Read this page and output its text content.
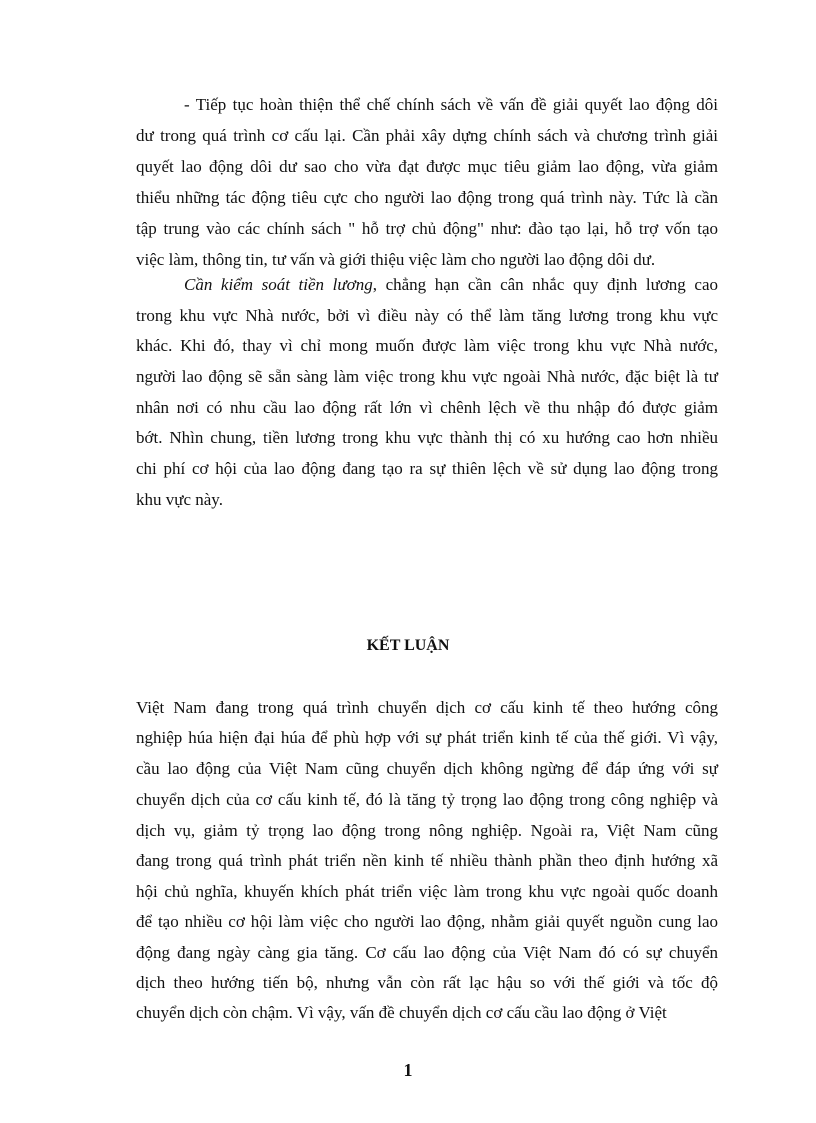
- Tiếp tục hoàn thiện thể chế chính sách về vấn đề giải quyết lao động dôi
dư trong quá trình cơ cấu lại. Cần phải xây dựng chính sách và chương trình giải
quyết lao động dôi dư sao cho vừa đạt được mục tiêu giảm lao động, vừa giảm
thiểu những tác động tiêu cực cho người lao động trong quá trình này. Tức là cần
tập trung vào các chính sách " hỗ trợ chủ động" như: đào tạo lại, hỗ trợ vốn tạo
việc làm, thông tin, tư vấn và giới thiệu việc làm cho người lao động dôi dư.
Cần kiểm soát tiền lương, chẳng hạn cần cân nhắc quy định lương cao
trong khu vực Nhà nước, bởi vì điều này có thể làm tăng lương trong khu vực
khác. Khi đó, thay vì chỉ mong muốn được làm việc trong khu vực Nhà nước,
người lao động sẽ sẵn sàng làm việc trong khu vực ngoài Nhà nước, đặc biệt là tư
nhân nơi có nhu cầu lao động rất lớn vì chênh lệch về thu nhập đó được giảm
bớt. Nhìn chung, tiền lương trong khu vực thành thị có xu hướng cao hơn nhiều
chi phí cơ hội của lao động đang tạo ra sự thiên lệch về sử dụng lao động trong
khu vực này.
KẾT LUẬN
Việt Nam đang trong quá trình chuyển dịch cơ cấu kinh tế theo hướng công
nghiệp húa hiện đại húa để phù hợp với sự phát triển kinh tế của thế giới. Vì vậy,
cầu lao động của Việt Nam cũng chuyển dịch không ngừng để đáp ứng với sự
chuyển dịch của cơ cấu kinh tế, đó là tăng tỷ trọng lao động trong công nghiệp và
dịch vụ, giảm tỷ trọng lao động trong nông nghiệp. Ngoài ra, Việt Nam cũng
đang trong quá trình phát triển nền kinh tế nhiều thành phần theo định hướng xã
hội chủ nghĩa, khuyến khích phát triển việc làm trong khu vực ngoài quốc doanh
để tạo nhiều cơ hội làm việc cho người lao động, nhằm giải quyết nguồn cung lao
động đang ngày càng gia tăng. Cơ cấu lao động của Việt Nam đó có sự chuyển
dịch theo hướng tiến bộ, nhưng vẫn còn rất lạc hậu so với thế giới và tốc độ
chuyển dịch còn chậm. Vì vậy, vấn đề chuyển dịch cơ cấu cầu lao động ở Việt
1
